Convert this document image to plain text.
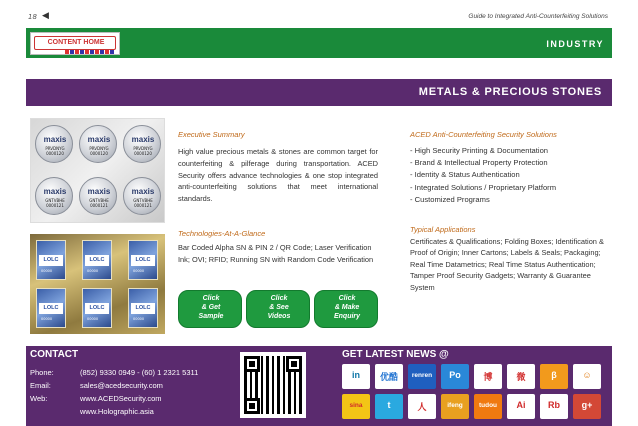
18 ◀	Guide to Integrated Anti-Counterfeiting Solutions
CONTENT HOME	INDUSTRY
METALS & PRECIOUS STONES
maxis
PRVDNYG
0000120
maxis
PRVDNYG
0000120
maxis
PRVDNYG
0000120
maxis
GNTVBHE
0000121
maxis
GNTVBHE
0000121
maxis
GNTVBHE
0000121
LOLC
00000
LOLC
00000
LOLC
00000
LOLC
00000
LOLC
00000
LOLC
00000
Executive Summary

High value precious metals & stones are common target for counterfeiting & pilferage during transportation. ACED Security offers advance technologies & one stop integrated anti-counterfeiting solutions that meet international standards.

Technologies-At-A-Glance

Bar Coded Alpha SN & PIN 2 / QR Code; Laser Verification Ink; OVI; RFID; Running SN with Random Code Verification

ACED Anti-Counterfeiting Security Solutions
- High Security Printing & Documentation
- Brand & Intellectual Property Protection
- Identity & Status Authentication
- Integrated Solutions / Proprietary Platform
- Customized Programs
Typical Applications

Certificates & Qualifications; Folding Boxes; Identification & Proof of Origin; Inner Cartons; Labels & Seals; Packaging; Real Time Datametrics; Real Time Status Authentication; Tamper Proof Security Gadgets; Warranty & Guarantee System

Click
& Get
Sample
Click
& See
Videos
Click
& Make
Enquiry
CONTACT
Phone:	(852) 9330 0949 - (60) 1 2321 5311
Email:	sales@acedsecurity.com
Web:	www.ACEDSecurity.com
www.Holographic.asia
GET LATEST NEWS @
in	优酷	renren	Po	博	微	β	☺
sina	t	人	ifeng	tudou	Ai	Rb	g+
